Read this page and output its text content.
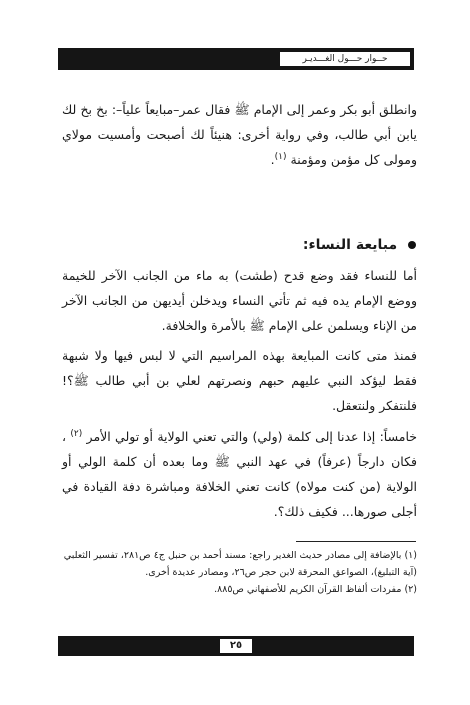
حــوار حـــول الغـــديـر

وانطلق أبو بكر وعمر إلى الإمام ﷺ فقال عمر–مبايعاً علياً–: بخ بخ لك يابن أبي طالب، وفي رواية أخرى: هنيئاً لك أصبحت وأمسيت مولاي ومولى كل مؤمن ومؤمنة $^{(١)}$.

مبايعة النساء:

أما للنساء فقد وضع قدح (طشت) به ماء من الجانب الآخر للخيمة ووضع الإمام يده فيه ثم تأتي النساء ويدخلن أيديهن من الجانب الآخر من الإناء ويسلمن على الإمام ﷺ بالأمرة والخلافة.

فمنذ متى كانت المبايعة بهذه المراسيم التي لا لبس فيها ولا شبهة فقط ليؤكد النبي عليهم حبهم ونصرتهم لعلي بن أبي طالب ﷺ؟! فلنتفكر ولنتعقل.

خامساً: إذا عدنا إلى كلمة (ولي) والتي تعني الولاية أو تولي الأمر $^{(٢)}$ ، فكان دارجاً (عرفاً) في عهد النبي ﷺ وما بعده أن كلمة الولي أو الولاية (من كنت مولاه) كانت تعني الخلافة ومباشرة دفة القيادة في أجلى صورها... فكيف ذلك؟.

(١) بالإضافة إلى مصادر حديث الغدير راجع: مسند أحمد بن حنبل ج٤ ص٢٨١، تفسير الثعلبي (آية التبليغ)، الصواعق المحرقة لابن حجر ص٢٦، ومصادر عديدة أخرى.

(٢) مفردات ألفاظ القرآن الكريم للأصفهاني ص٨٨٥.

٢٥
